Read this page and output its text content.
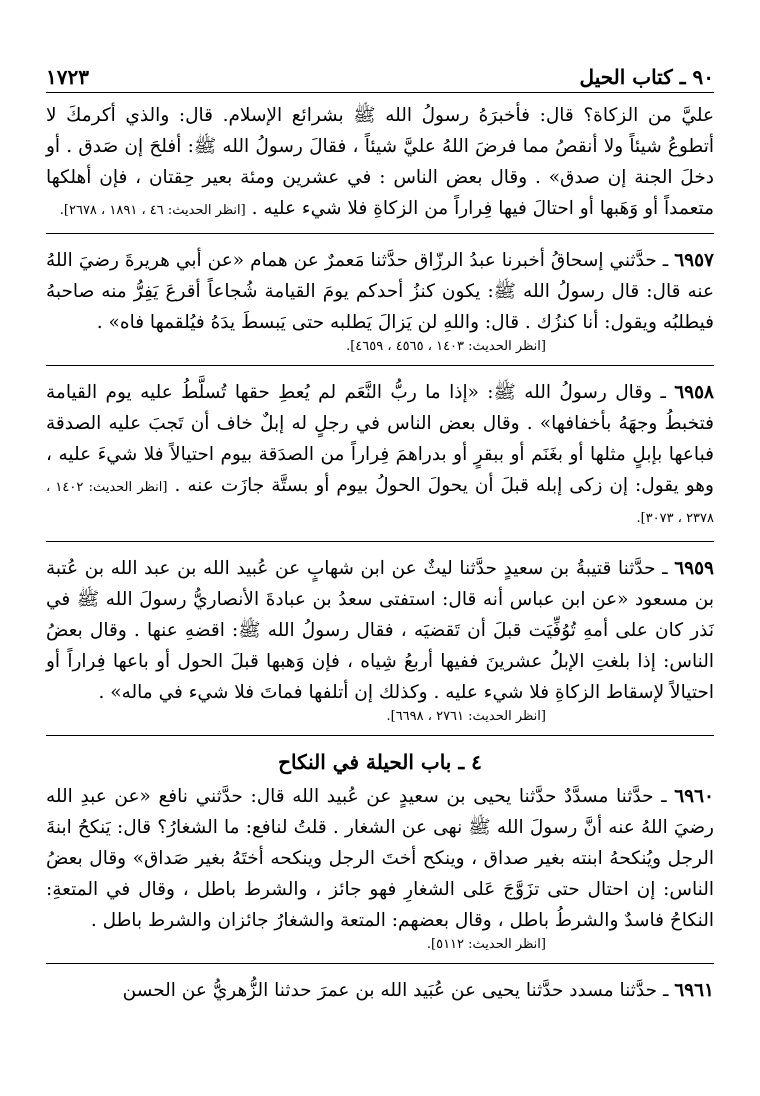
٩٠ ـ كتاب الحيل
١٧٢٣

عليَّ من الزكاة؟ قال: فأخبرَهُ رسولُ الله ﷺ بشرائع الإسلام. قال: والذي أكرمكَ لا أتطوعُ شيئاً ولا أنقصُ مما فرضَ اللهُ عليَّ شيئاً ، فقالَ رسولُ الله ﷺ: أفلحَ إن صَدق . أو دخلَ الجنة إن صدق» . وقال بعض الناس : في عشرين ومئة بعير حِقتان ، فإن أهلكها متعمداً أو وَهَبها أو احتالَ فيها فِراراً من الزكاةِ فلا شيء عليه . [انظر الحديث: ٤٦ ، ١٨٩١ ، ٢٦٧٨].

٦٩٥٧ ـ حدَّثني إسحاقُ أخبرنا عبدُ الرزّاق حدَّثنا مَعمرٌ عن همام «عن أبي هريرةَ رضيَ اللهُ عنه قال: قال رسولُ الله ﷺ: يكون كنزُ أحدكم يومَ القيامة شُجاعاً أقرعَ يَفِرُّ منه صاحبهُ فيطلبُه ويقول: أنا كنزُك . قال: واللهِ لن يَزالَ يَطلبه حتى يَبسطَ يدَهُ فيُلقمها فاه» .

[انظر الحديث: ١٤٠٣ ، ٤٥٦٥ ، ٤٦٥٩].

٦٩٥٨ ـ وقال رسولُ الله ﷺ: «إذا ما ربُّ النَّعَم لم يُعطِ حقها تُسلَّطُ عليه يوم القيامة فتخبطُ وجهَهُ بأخفافها» . وقال بعض الناس في رجلٍ له إبلٌ خاف أن تَجبَ عليه الصدقة فباعها بإبلٍ مثلها أو بغَنَم أو ببقرٍ أو بدراهمَ فِراراً من الصدَقة بيوم احتيالاً فلا شيءَ عليه ، وهو يقول: إن زكى إبله قبلَ أن يحولَ الحولُ بيوم أو بستَّة جازَت عنه . [انظر الحديث: ١٤٠٢ ، ٢٣٧٨ ، ٣٠٧٣].

٦٩٥٩ ـ حدَّثنا قتيبةُ بن سعيدٍ حدَّثنا ليثٌ عن ابن شهابٍ عن عُبيد الله بن عبد الله بن عُتبة بن مسعود «عن ابن عباس أنه قال: استفتى سعدُ بن عبادةَ الأنصاريُّ رسولَ الله ﷺ في نَذر كان على أمهِ تُوُفِّيَت قبلَ أن تَقضيَه ، فقال رسولُ الله ﷺ: اقضهِ عنها . وقال بعضُ الناس: إذا بلغتِ الإبلُ عشرينَ ففيها أربعُ شِياه ، فإن وَهبها قبلَ الحول أو باعها فِراراً أو احتيالاً لإسقاط الزكاةِ فلا شيء عليه . وكذلك إن أتلفها فماتَ فلا شيء في ماله» .

[انظر الحديث: ٢٧٦١ ، ٦٦٩٨].

٤ ـ باب الحيلة في النكاح

٦٩٦٠ ـ حدَّثنا مسدَّدٌ حدَّثنا يحيى بن سعيدٍ عن عُبيد الله قال: حدَّثني نافع «عن عبدِ الله رضيَ اللهُ عنه أنَّ رسولَ الله ﷺ نهى عن الشغار . قلتُ لنافع: ما الشغارُ؟ قال: يَنكحُ ابنةَ الرجل ويُنكحهُ ابنته بغير صداق ، وينكح أختَ الرجل وينكحه أختَهُ بغير صَداق» وقال بعضُ الناس: إن احتال حتى تزَوَّجَ عَلى الشغارِ فهو جائز ، والشرط باطل ، وقال في المتعةِ: النكاحُ فاسدٌ والشرطُ باطل ، وقال بعضهم: المتعة والشغارُ جائزان والشرط باطل .

[انظر الحديث: ٥١١٢].

٦٩٦١ ـ حدَّثنا مسدد حدَّثنا يحيى عن عُبَيد الله بن عمرَ حدثنا الزُّهريُّ عن الحسن
